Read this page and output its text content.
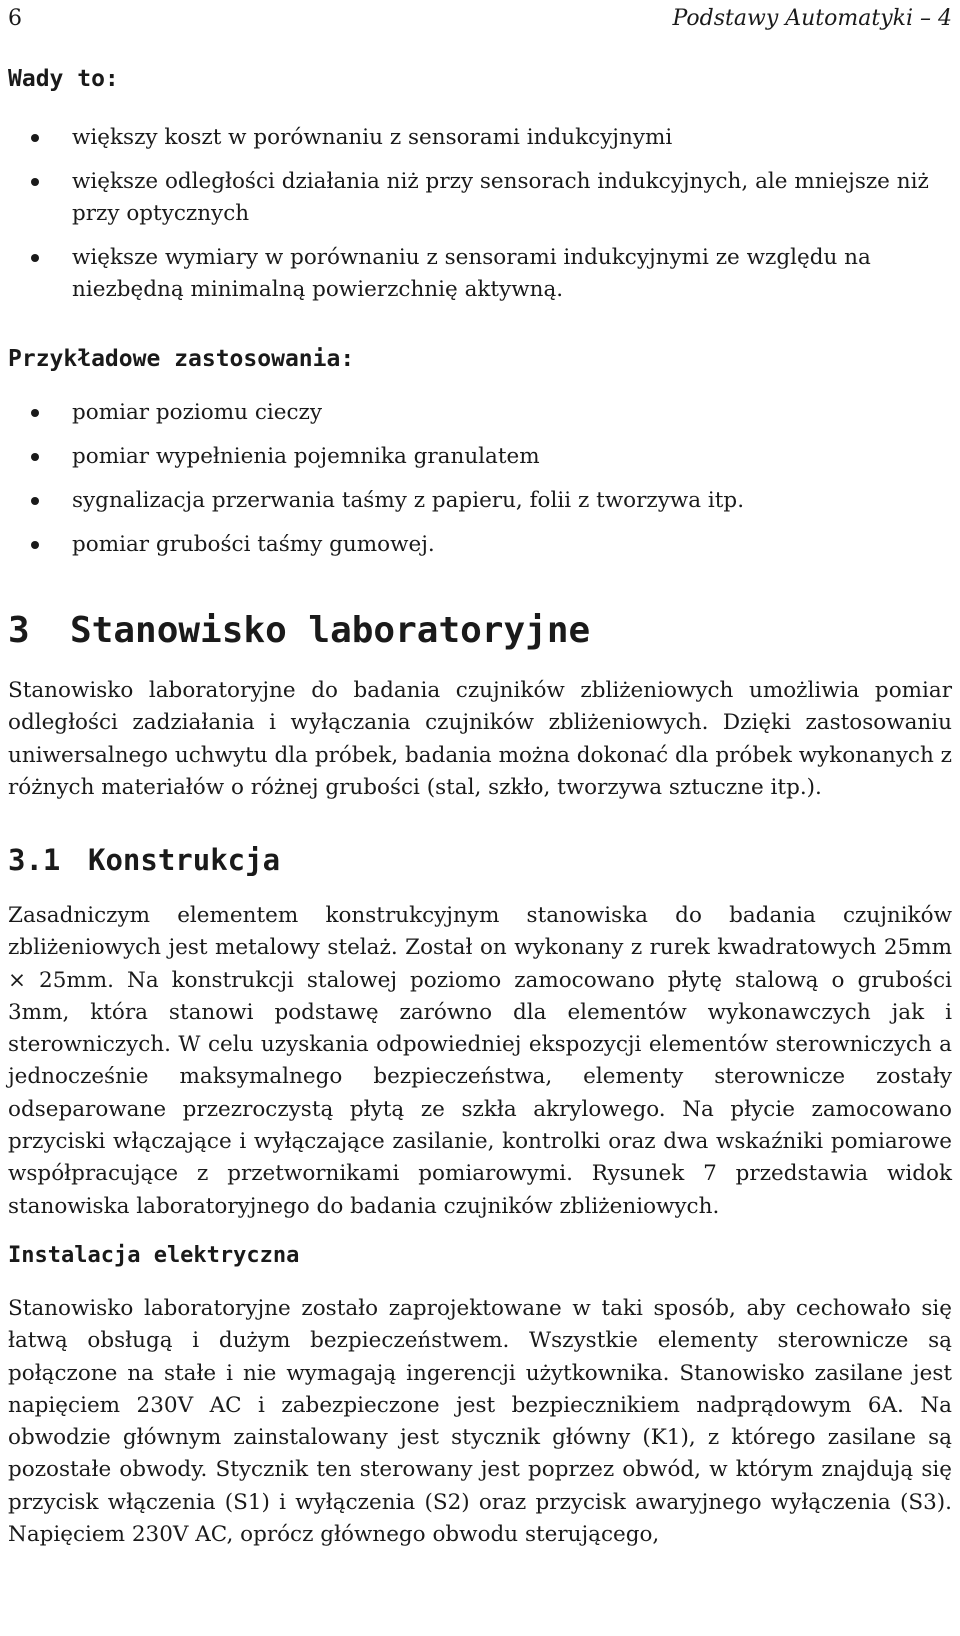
6	Podstawy Automatyki – 4
Wady to:
większy koszt w porównaniu z sensorami indukcyjnymi
większe odległości działania niż przy sensorach indukcyjnych, ale mniejsze niż przy optycznych
większe wymiary w porównaniu z sensorami indukcyjnymi ze względu na niezbędną minimalną powierzchnię aktywną.
Przykładowe zastosowania:
pomiar poziomu cieczy
pomiar wypełnienia pojemnika granulatem
sygnalizacja przerwania taśmy z papieru, folii z tworzywa itp.
pomiar grubości taśmy gumowej.
3 Stanowisko laboratoryjne

Stanowisko laboratoryjne do badania czujników zbliżeniowych umożliwia pomiar odległości zadziałania i wyłączania czujników zbliżeniowych. Dzięki zastosowaniu uniwersalnego uchwytu dla próbek, badania można dokonać dla próbek wykonanych z różnych materiałów o różnej grubości (stal, szkło, tworzywa sztuczne itp.).

3.1 Konstrukcja

Zasadniczym elementem konstrukcyjnym stanowiska do badania czujników zbliżeniowych jest metalowy stelaż. Został on wykonany z rurek kwadratowych 25mm × 25mm. Na konstrukcji stalowej poziomo zamocowano płytę stalową o grubości 3mm, która stanowi podstawę zarówno dla elementów wykonawczych jak i sterowniczych. W celu uzyskania odpowiedniej ekspozycji elementów sterowniczych a jednocześnie maksymalnego bezpieczeństwa, elementy sterownicze zostały odseparowane przezroczystą płytą ze szkła akrylowego. Na płycie zamocowano przyciski włączające i wyłączające zasilanie, kontrolki oraz dwa wskaźniki pomiarowe współpracujące z przetwornikami pomiarowymi. Rysunek 7 przedstawia widok stanowiska laboratoryjnego do badania czujników zbliżeniowych.

Instalacja elektryczna

Stanowisko laboratoryjne zostało zaprojektowane w taki sposób, aby cechowało się łatwą obsługą i dużym bezpieczeństwem. Wszystkie elementy sterownicze są połączone na stałe i nie wymagają ingerencji użytkownika. Stanowisko zasilane jest napięciem 230V AC i zabezpieczone jest bezpiecznikiem nadprądowym 6A. Na obwodzie głównym zainstalowany jest stycznik główny (K1), z którego zasilane są pozostałe obwody. Stycznik ten sterowany jest poprzez obwód, w którym znajdują się przycisk włączenia (S1) i wyłączenia (S2) oraz przycisk awaryjnego wyłączenia (S3). Napięciem 230V AC, oprócz głównego obwodu sterującego,
